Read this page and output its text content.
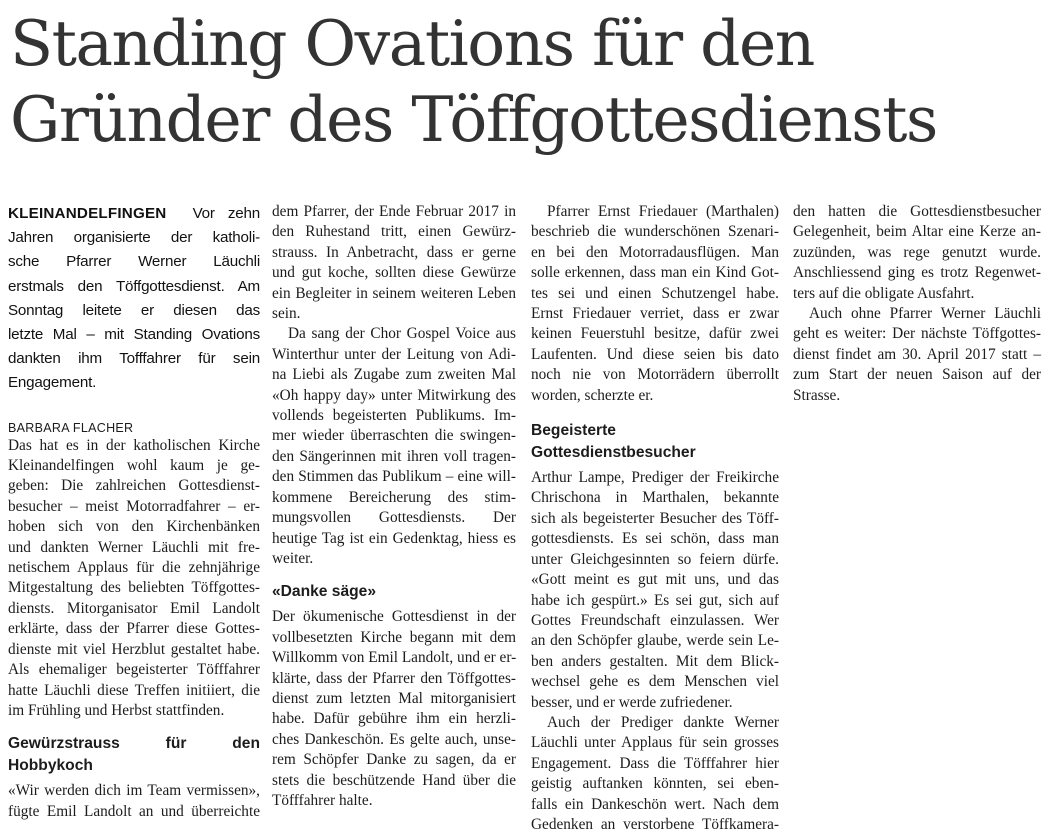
Standing Ovations für den
Gründer des Töffgottesdiensts
KLEINANDELFINGEN Vor zehn
Jahren organisierte der katholi-
sche Pfarrer Werner Läuchli
erstmals den Töffgottesdienst. Am
Sonntag leitete er diesen das
letzte Mal – mit Standing Ovations
dankten ihm Tofffahrer für sein
Engagement.
BARBARA FLACHER

Das hat es in der katholischen Kirche
Kleinandelfingen wohl kaum je ge-
geben: Die zahlreichen Gottesdienst-
besucher – meist Motorradfahrer – er-
hoben sich von den Kirchenbänken
und dankten Werner Läuchli mit fre-
netischem Applaus für die zehnjährige
Mitgestaltung des beliebten Töffgottes-
diensts. Mitorganisator Emil Landolt
erklärte, dass der Pfarrer diese Gottes-
dienste mit viel Herzblut gestaltet habe.
Als ehemaliger begeisterter Töfffahrer
hatte Läuchli diese Treffen initiiert, die
im Frühling und Herbst stattfinden.

Gewürzstrauss für den Hobbykoch

«Wir werden dich im Team vermissen»,
fügte Emil Landolt an und überreichte

dem Pfarrer, der Ende Februar 2017 in
den Ruhestand tritt, einen Gewürz-
strauss. In Anbetracht, dass er gerne
und gut koche, sollten diese Gewürze
ein Begleiter in seinem weiteren Leben
sein.

Da sang der Chor Gospel Voice aus
Winterthur unter der Leitung von Adi-
na Liebi als Zugabe zum zweiten Mal
«Oh happy day» unter Mitwirkung des
vollends begeisterten Publikums. Im-
mer wieder überraschten die swingen-
den Sängerinnen mit ihren voll tragen-
den Stimmen das Publikum – eine will-
kommene Bereicherung des stim-
mungsvollen Gottesdiensts. Der
heutige Tag ist ein Gedenktag, hiess es
weiter.

«Danke säge»

Der ökumenische Gottesdienst in der
vollbesetzten Kirche begann mit dem
Willkomm von Emil Landolt, und er er-
klärte, dass der Pfarrer den Töffgottes-
dienst zum letzten Mal mitorganisiert
habe. Dafür gebühre ihm ein herzli-
ches Dankeschön. Es gelte auch, unse-
rem Schöpfer Danke zu sagen, da er
stets die beschützende Hand über die
Töfffahrer halte.

Pfarrer Ernst Friedauer (Marthalen)
beschrieb die wunderschönen Szenari-
en bei den Motorradausflügen. Man
solle erkennen, dass man ein Kind Got-
tes sei und einen Schutzengel habe.
Ernst Friedauer verriet, dass er zwar
keinen Feuerstuhl besitze, dafür zwei
Laufenten. Und diese seien bis dato
noch nie von Motorrädern überrollt
worden, scherzte er.

Begeisterte Gottesdienstbesucher

Arthur Lampe, Prediger der Freikirche
Chrischona in Marthalen, bekannte
sich als begeisterter Besucher des Töff-
gottesdiensts. Es sei schön, dass man
unter Gleichgesinnten so feiern dürfe.
«Gott meint es gut mit uns, und das
habe ich gespürt.» Es sei gut, sich auf
Gottes Freundschaft einzulassen. Wer
an den Schöpfer glaube, werde sein Le-
ben anders gestalten. Mit dem Blick-
wechsel gehe es dem Menschen viel
besser, und er werde zufriedener.

Auch der Prediger dankte Werner
Läuchli unter Applaus für sein grosses
Engagement. Dass die Töfffahrer hier
geistig auftanken könnten, sei eben-
falls ein Dankeschön wert. Nach dem
Gedenken an verstorbene Töffkamera-

den hatten die Gottesdienstbesucher
Gelegenheit, beim Altar eine Kerze an-
zuzünden, was rege genutzt wurde.
Anschliessend ging es trotz Regenwet-
ters auf die obligate Ausfahrt.

Auch ohne Pfarrer Werner Läuchli
geht es weiter: Der nächste Töffgottes-
dienst findet am 30. April 2017 statt –
zum Start der neuen Saison auf der
Strasse.
